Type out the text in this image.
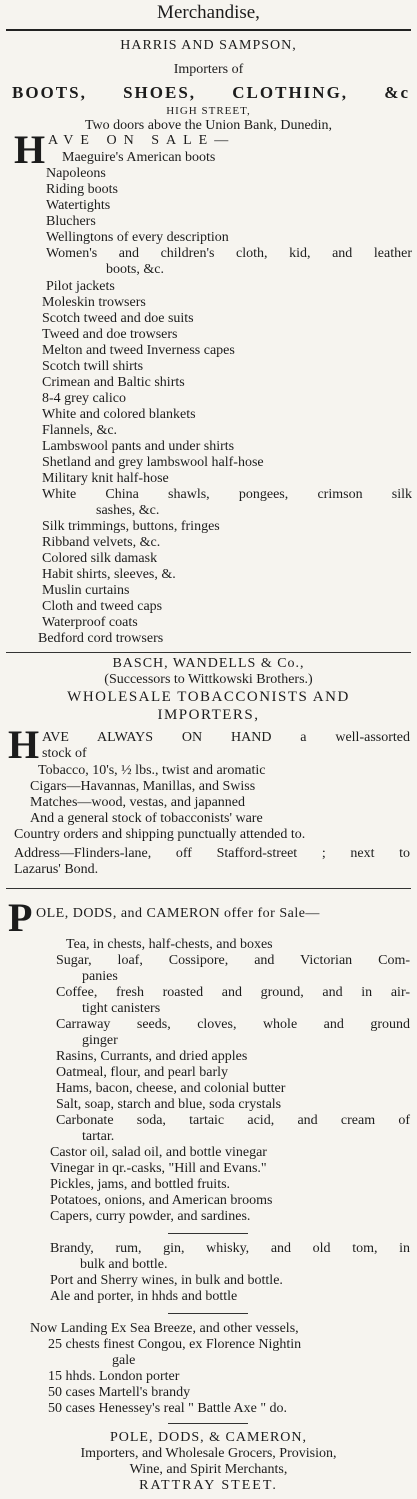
Merchandise,
HARRIS AND SAMPSON,
Importers of
BOOTS, SHOES, CLOTHING, &c
HIGH STREET,
Two doors above the Union Bank, Dunedin,
H AVE ON SALE—
Maeguire's American boots
Napoleons
Riding boots
Watertights
Bluchers
Wellingtons of every description
Women's and children's cloth, kid, and leather
boots, &c.
Pilot jackets
Moleskin trowsers
Scotch tweed and doe suits
Tweed and doe trowsers
Melton and tweed Inverness capes
Scotch twill shirts
Crimean and Baltic shirts
8-4 grey calico
White and colored blankets
Flannels, &c.
Lambswool pants and under shirts
Shetland and grey lambswool half-hose
Military knit half-hose
White China shawls, pongees, crimson silk
sashes, &c.
Silk trimmings, buttons, fringes
Ribband velvets, &c.
Colored silk damask
Habit shirts, sleeves, &.
Muslin curtains
Cloth and tweed caps
Waterproof coats
Bedford cord trowsers
BASCH, WANDELLS & Co.,
(Successors to Wittkowski Brothers.)
WHOLESALE TOBACCONISTS AND
IMPORTERS,
H AVE ALWAYS ON HAND a well-assorted
stock of
Tobacco, 10's, ½ lbs., twist and aromatic
Cigars—Havannas, Manillas, and Swiss
Matches—wood, vestas, and japanned
And a general stock of tobacconists' ware
Country orders and shipping punctually attended to.
Address—Flinders-lane, off Stafford-street ; next to
Lazarus' Bond.
P OLE, DODS, and CAMERON offer for Sale—
Tea, in chests, half-chests, and boxes
Sugar, loaf, Cossipore, and Victorian Com-
panies
Coffee, fresh roasted and ground, and in air-
tight canisters
Carraway seeds, cloves, whole and ground
ginger
Rasins, Currants, and dried apples
Oatmeal, flour, and pearl barly
Hams, bacon, cheese, and colonial butter
Salt, soap, starch and blue, soda crystals
Carbonate soda, tartaic acid, and cream of
tartar.
Castor oil, salad oil, and bottle vinegar
Vinegar in qr.-casks, "Hill and Evans."
Pickles, jams, and bottled fruits.
Potatoes, onions, and American brooms
Capers, curry powder, and sardines.
Brandy, rum, gin, whisky, and old tom, in
bulk and bottle.
Port and Sherry wines, in bulk and bottle.
Ale and porter, in hhds and bottle
Now Landing Ex Sea Breeze, and other vessels,
25 chests finest Congou, ex Florence Nightin
gale
15 hhds. London porter
50 cases Martell's brandy
50 cases Henessey's real " Battle Axe " do.
POLE, DODS, & CAMERON,
Importers, and Wholesale Grocers, Provision,
Wine, and Spirit Merchants,
RATTRAY STEET.
